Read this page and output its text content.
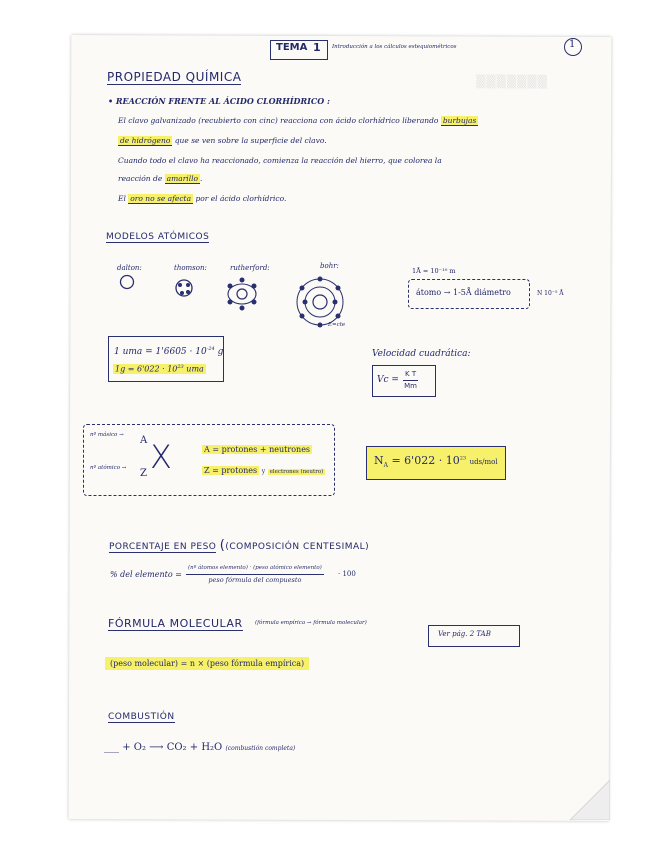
▒▒▒▒▒▒▒
TEMA 1 Introducción a los cálculos estequiométricos	1
PROPIEDAD QUÍMICA
• REACCIÓN FRENTE AL ÁCIDO CLORHÍDRICO :
El clavo galvanizado (recubierto con cinc) reacciona con ácido clorhídrico liberando burbujas
de hidrógeno que se ven sobre la superficie del clavo.
Cuando todo el clavo ha reaccionado, comienza la reacción del hierro, que colorea la
reacción de amarillo .
El oro no se afecta por el ácido clorhídrico.
MODELOS ATÓMICOS
dalton:	thomson:	rutherford:	bohr:
E=cte
1Å = 10⁻¹⁰ m
átomo → 1-5Å diámetro	N 10⁻⁵ Å
1 uma = $1'6605 \cdot 10^{-24}$ g
$1g = 6'022 \cdot 10^{23}$ uma
Velocidad cuadrática:
$Vc = \frac{\text{K T}}{Mm}$
nº másico → A
nº atómico → Z X	A = protones + neutrones
Z = protones y electrones (neutro)
$N_A = 6'022 \cdot 10^{23}$ uds/mol
PORCENTAJE EN PESO ((COMPOSICIÓN CENTESIMAL)
% del elemento =
(nº átomos elemento) · (peso atómico elemento)
peso fórmula del compuesto
· 100
FÓRMULA MOLECULAR (fórmula empírica → fórmula molecular)
Ver pág. 2 TAB
(peso molecular) = n × (peso fórmula empírica)
COMBUSTIÓN
___ + O₂ ⟶ CO₂ + H₂O (combustión completa)
